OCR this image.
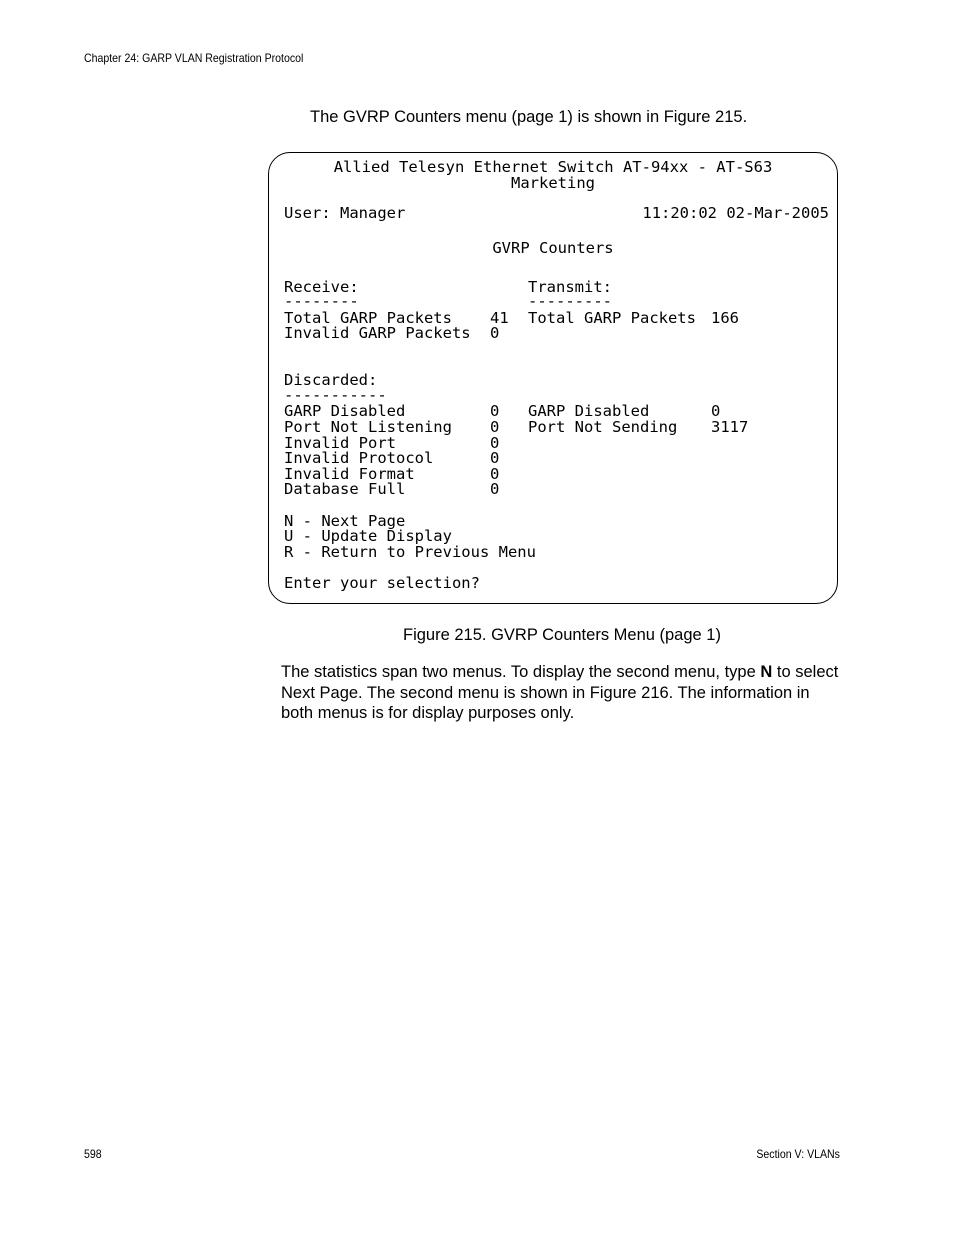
Chapter 24: GARP VLAN Registration Protocol
The GVRP Counters menu (page 1) is shown in Figure 215.
Allied Telesyn Ethernet Switch AT-94xx - AT-S63
Marketing
User: Manager	11:20:02 02-Mar-2005
GVRP Counters
Receive:	Transmit:
--------	---------
Total GARP Packets 41 Total GARP Packets 166
Invalid GARP Packets 0
Discarded:
-----------
GARP Disabled	0 GARP Disabled	0
Port Not Listening 0 Port Not Sending 3117
Invalid Port	0
Invalid Protocol	0
Invalid Format	0
Database Full	0
N - Next Page
U - Update Display
R - Return to Previous Menu
Enter your selection?
Figure 215. GVRP Counters Menu (page 1)
The statistics span two menus. To display the second menu, type N to select Next Page. The second menu is shown in Figure 216. The information in both menus is for display purposes only.
598	Section V: VLANs
